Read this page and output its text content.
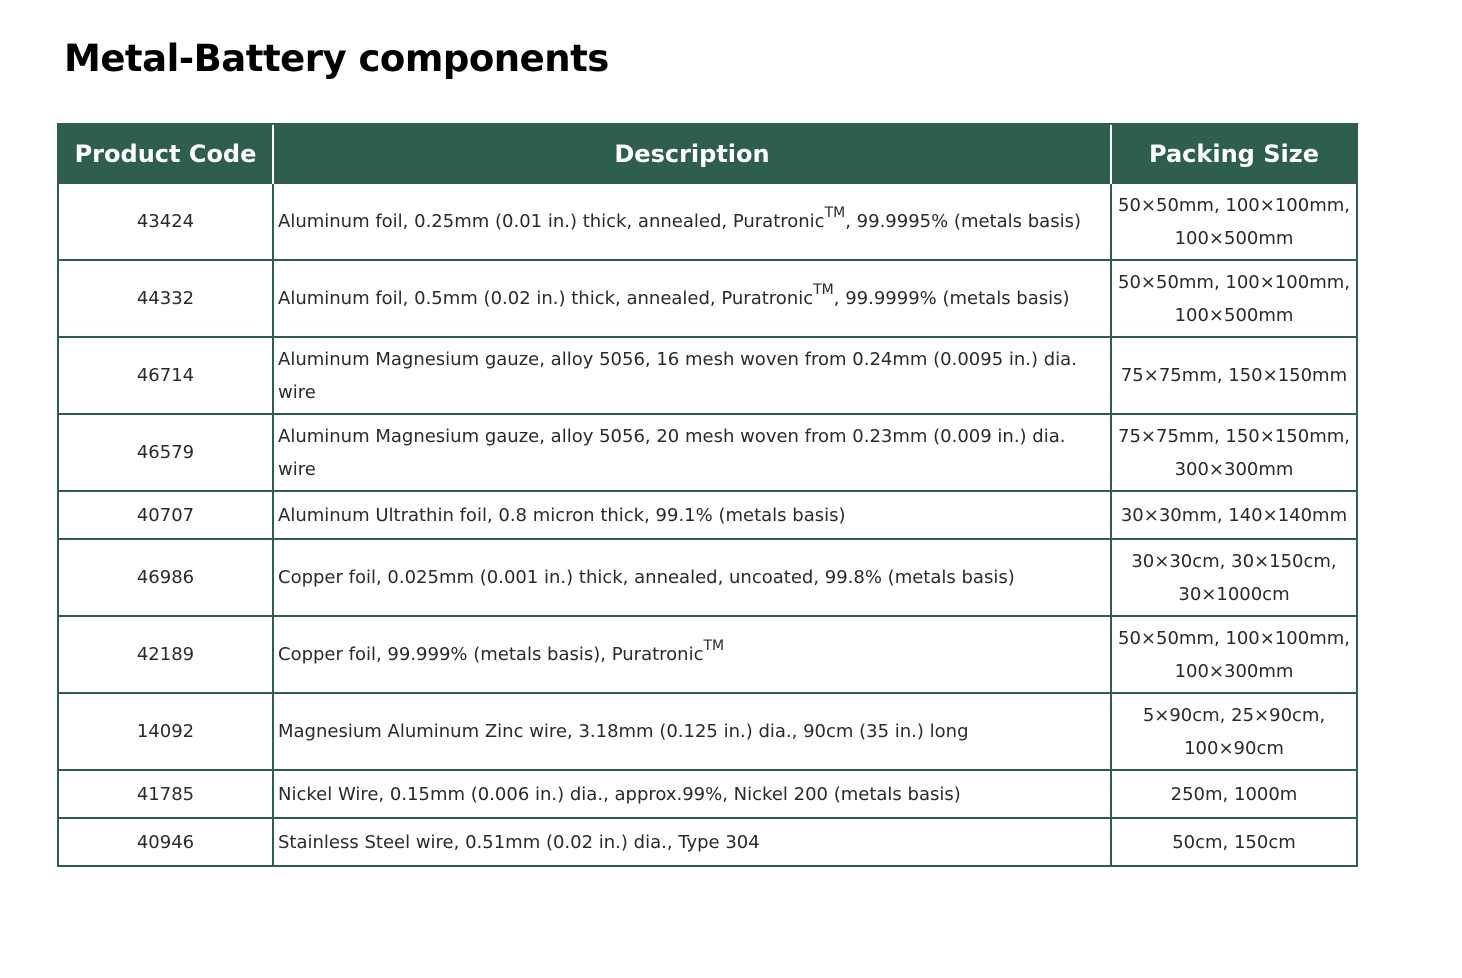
Metal-Battery components
Product Code	Description	Packing Size
43424	Aluminum foil, 0.25mm (0.01 in.) thick, annealed, Puratronic™, 99.9995% (metals basis)	50×50mm, 100×100mm, 100×500mm
44332	Aluminum foil, 0.5mm (0.02 in.) thick, annealed, Puratronic™, 99.9999% (metals basis)	50×50mm, 100×100mm, 100×500mm
46714	Aluminum Magnesium gauze, alloy 5056, 16 mesh woven from 0.24mm (0.0095 in.) dia. wire	75×75mm, 150×150mm
46579	Aluminum Magnesium gauze, alloy 5056, 20 mesh woven from 0.23mm (0.009 in.) dia. wire	75×75mm, 150×150mm, 300×300mm
40707	Aluminum Ultrathin foil, 0.8 micron thick, 99.1% (metals basis)	30×30mm, 140×140mm
46986	Copper foil, 0.025mm (0.001 in.) thick, annealed, uncoated, 99.8% (metals basis)	30×30cm, 30×150cm, 30×1000cm
42189	Copper foil, 99.999% (metals basis), Puratronic™	50×50mm, 100×100mm, 100×300mm
14092	Magnesium Aluminum Zinc wire, 3.18mm (0.125 in.) dia., 90cm (35 in.) long	5×90cm, 25×90cm, 100×90cm
41785	Nickel Wire, 0.15mm (0.006 in.) dia., approx.99%, Nickel 200 (metals basis)	250m, 1000m
40946	Stainless Steel wire, 0.51mm (0.02 in.) dia., Type 304	50cm, 150cm
